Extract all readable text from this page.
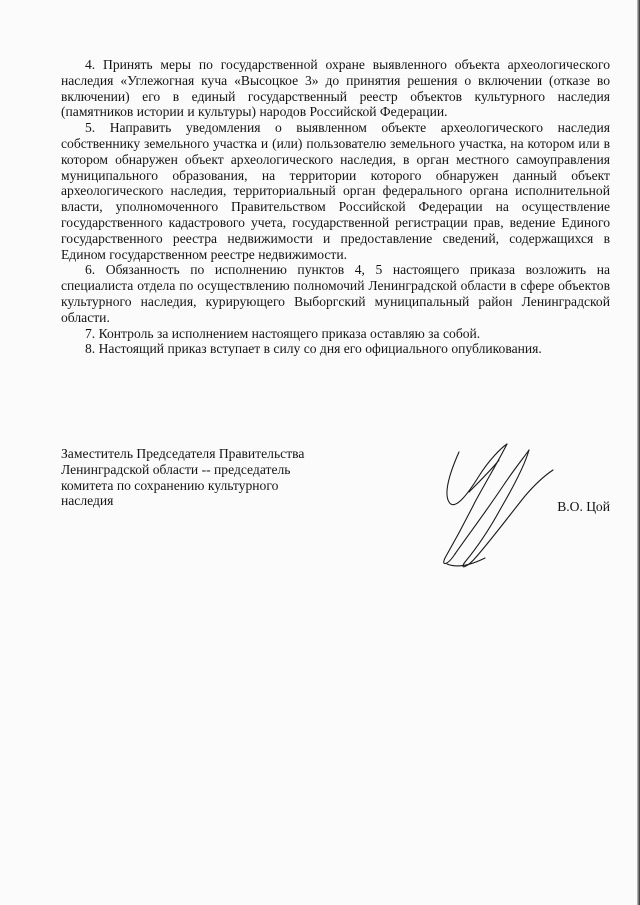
4. Принять меры по государственной охране выявленного объекта археологического наследия «Углежогная куча «Высоцкое 3» до принятия решения о включении (отказе во включении) его в единый государственный реестр объектов культурного наследия (памятников истории и культуры) народов Российской Федерации.

5. Направить уведомления о выявленном объекте археологического наследия собственнику земельного участка и (или) пользователю земельного участка, на котором или в котором обнаружен объект археологического наследия, в орган местного самоуправления муниципального образования, на территории которого обнаружен данный объект археологического наследия, территориальный орган федерального органа исполнительной власти, уполномоченного Правительством Российской Федерации на осуществление государственного кадастрового учета, государственной регистрации прав, ведение Единого государственного реестра недвижимости и предоставление сведений, содержащихся в Едином государственном реестре недвижимости.

6. Обязанность по исполнению пунктов 4, 5 настоящего приказа возложить на специалиста отдела по осуществлению полномочий Ленинградской области в сфере объектов культурного наследия, курирующего Выборгский муниципальный район Ленинградской области.

7. Контроль за исполнением настоящего приказа оставляю за собой.

8. Настоящий приказ вступает в силу со дня его официального опубликования.

Заместитель Председателя Правительства
Ленинградской области -- председатель
комитета по сохранению культурного
наследия	В.О. Цой
